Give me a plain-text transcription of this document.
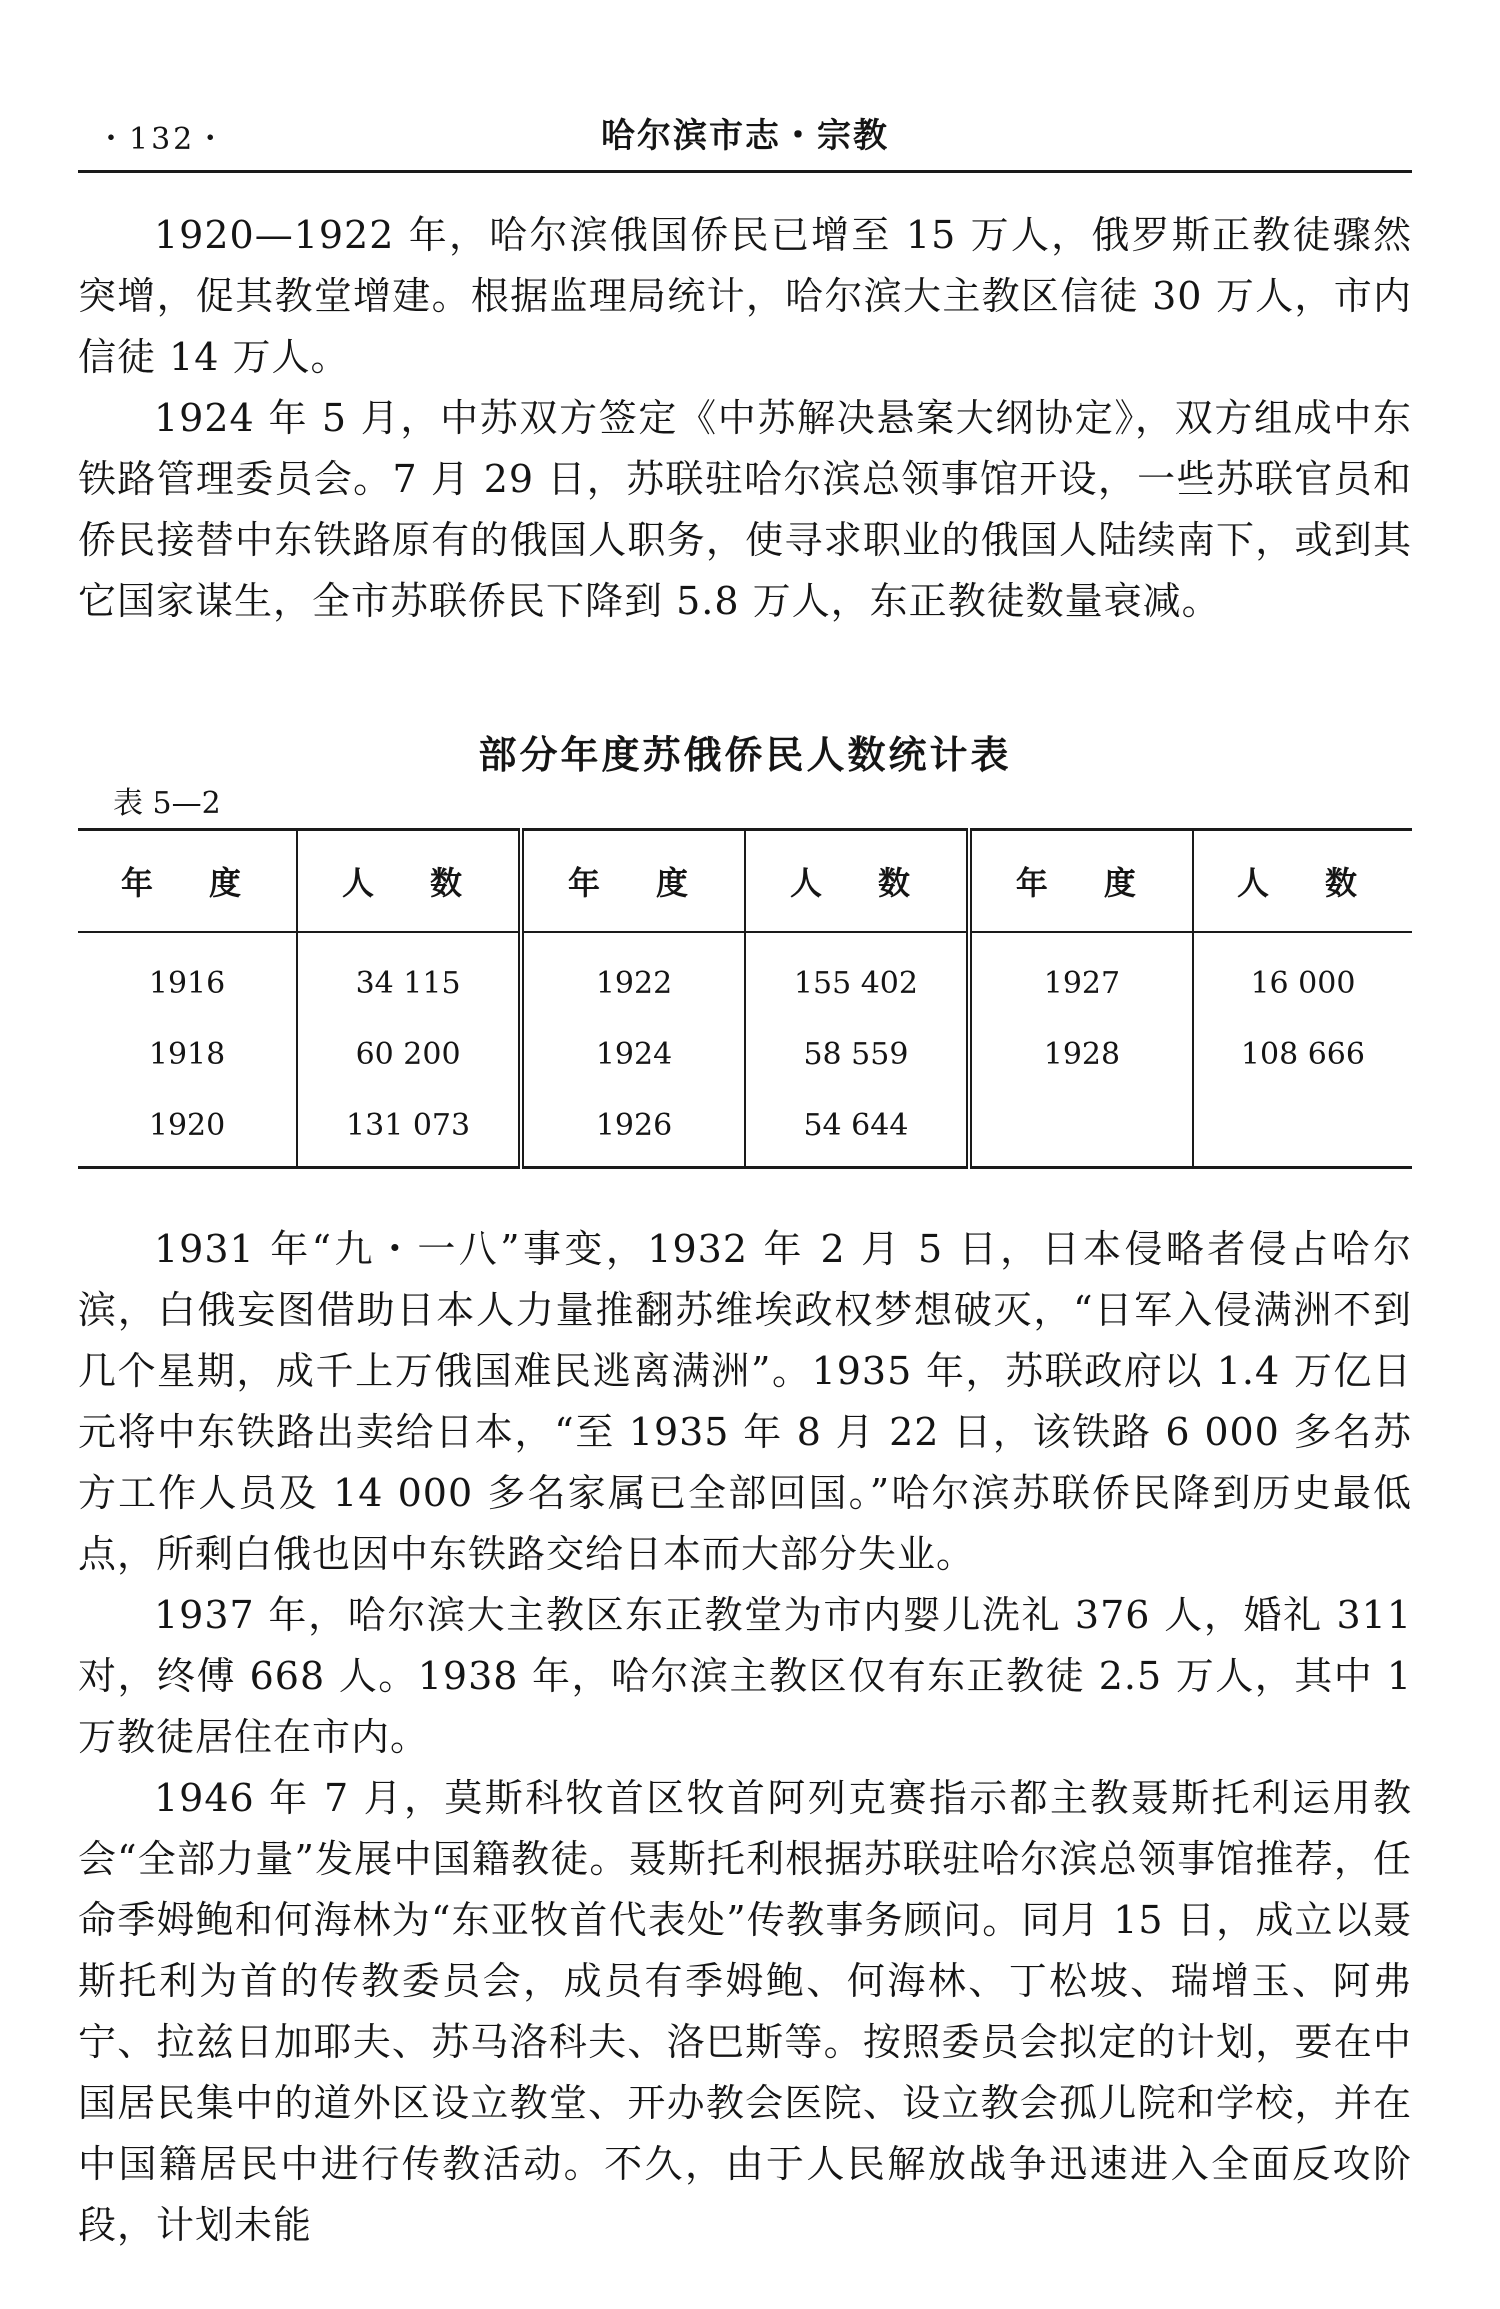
・132・	哈尔滨市志・宗教

1920—1922 年，哈尔滨俄国侨民已增至 15 万人，俄罗斯正教徒骤然突增，促其教堂增建。根据监理局统计，哈尔滨大主教区信徒 30 万人，市内信徒 14 万人。

1924 年 5 月，中苏双方签定《中苏解决悬案大纲协定》，双方组成中东铁路管理委员会。7 月 29 日，苏联驻哈尔滨总领事馆开设，一些苏联官员和侨民接替中东铁路原有的俄国人职务，使寻求职业的俄国人陆续南下，或到其它国家谋生，全市苏联侨民下降到 5.8 万人，东正教徒数量衰减。

部分年度苏俄侨民人数统计表
表 5—2
年　度	人　数	年　度	人　数	年　度	人　数
1916	34 115	1922	155 402	1927	16 000
1918	60 200	1924	58 559	1928	108 666
1920	131 073	1926	54 644		

1931 年“九・一八”事变，1932 年 2 月 5 日，日本侵略者侵占哈尔滨，白俄妄图借助日本人力量推翻苏维埃政权梦想破灭，“日军入侵满洲不到几个星期，成千上万俄国难民逃离满洲”。1935 年，苏联政府以 1.4 万亿日元将中东铁路出卖给日本，“至 1935 年 8 月 22 日，该铁路 6 000 多名苏方工作人员及 14 000 多名家属已全部回国。”哈尔滨苏联侨民降到历史最低点，所剩白俄也因中东铁路交给日本而大部分失业。

1937 年，哈尔滨大主教区东正教堂为市内婴儿洗礼 376 人，婚礼 311 对，终傅 668 人。1938 年，哈尔滨主教区仅有东正教徒 2.5 万人，其中 1 万教徒居住在市内。

1946 年 7 月，莫斯科牧首区牧首阿列克赛指示都主教聂斯托利运用教会“全部力量”发展中国籍教徒。聂斯托利根据苏联驻哈尔滨总领事馆推荐，任命季姆鲍和何海林为“东亚牧首代表处”传教事务顾问。同月 15 日，成立以聂斯托利为首的传教委员会，成员有季姆鲍、何海林、丁松坡、瑞增玉、阿弗宁、拉兹日加耶夫、苏马洛科夫、洛巴斯等。按照委员会拟定的计划，要在中国居民集中的道外区设立教堂、开办教会医院、设立教会孤儿院和学校，并在中国籍居民中进行传教活动。不久，由于人民解放战争迅速进入全面反攻阶段，计划未能
